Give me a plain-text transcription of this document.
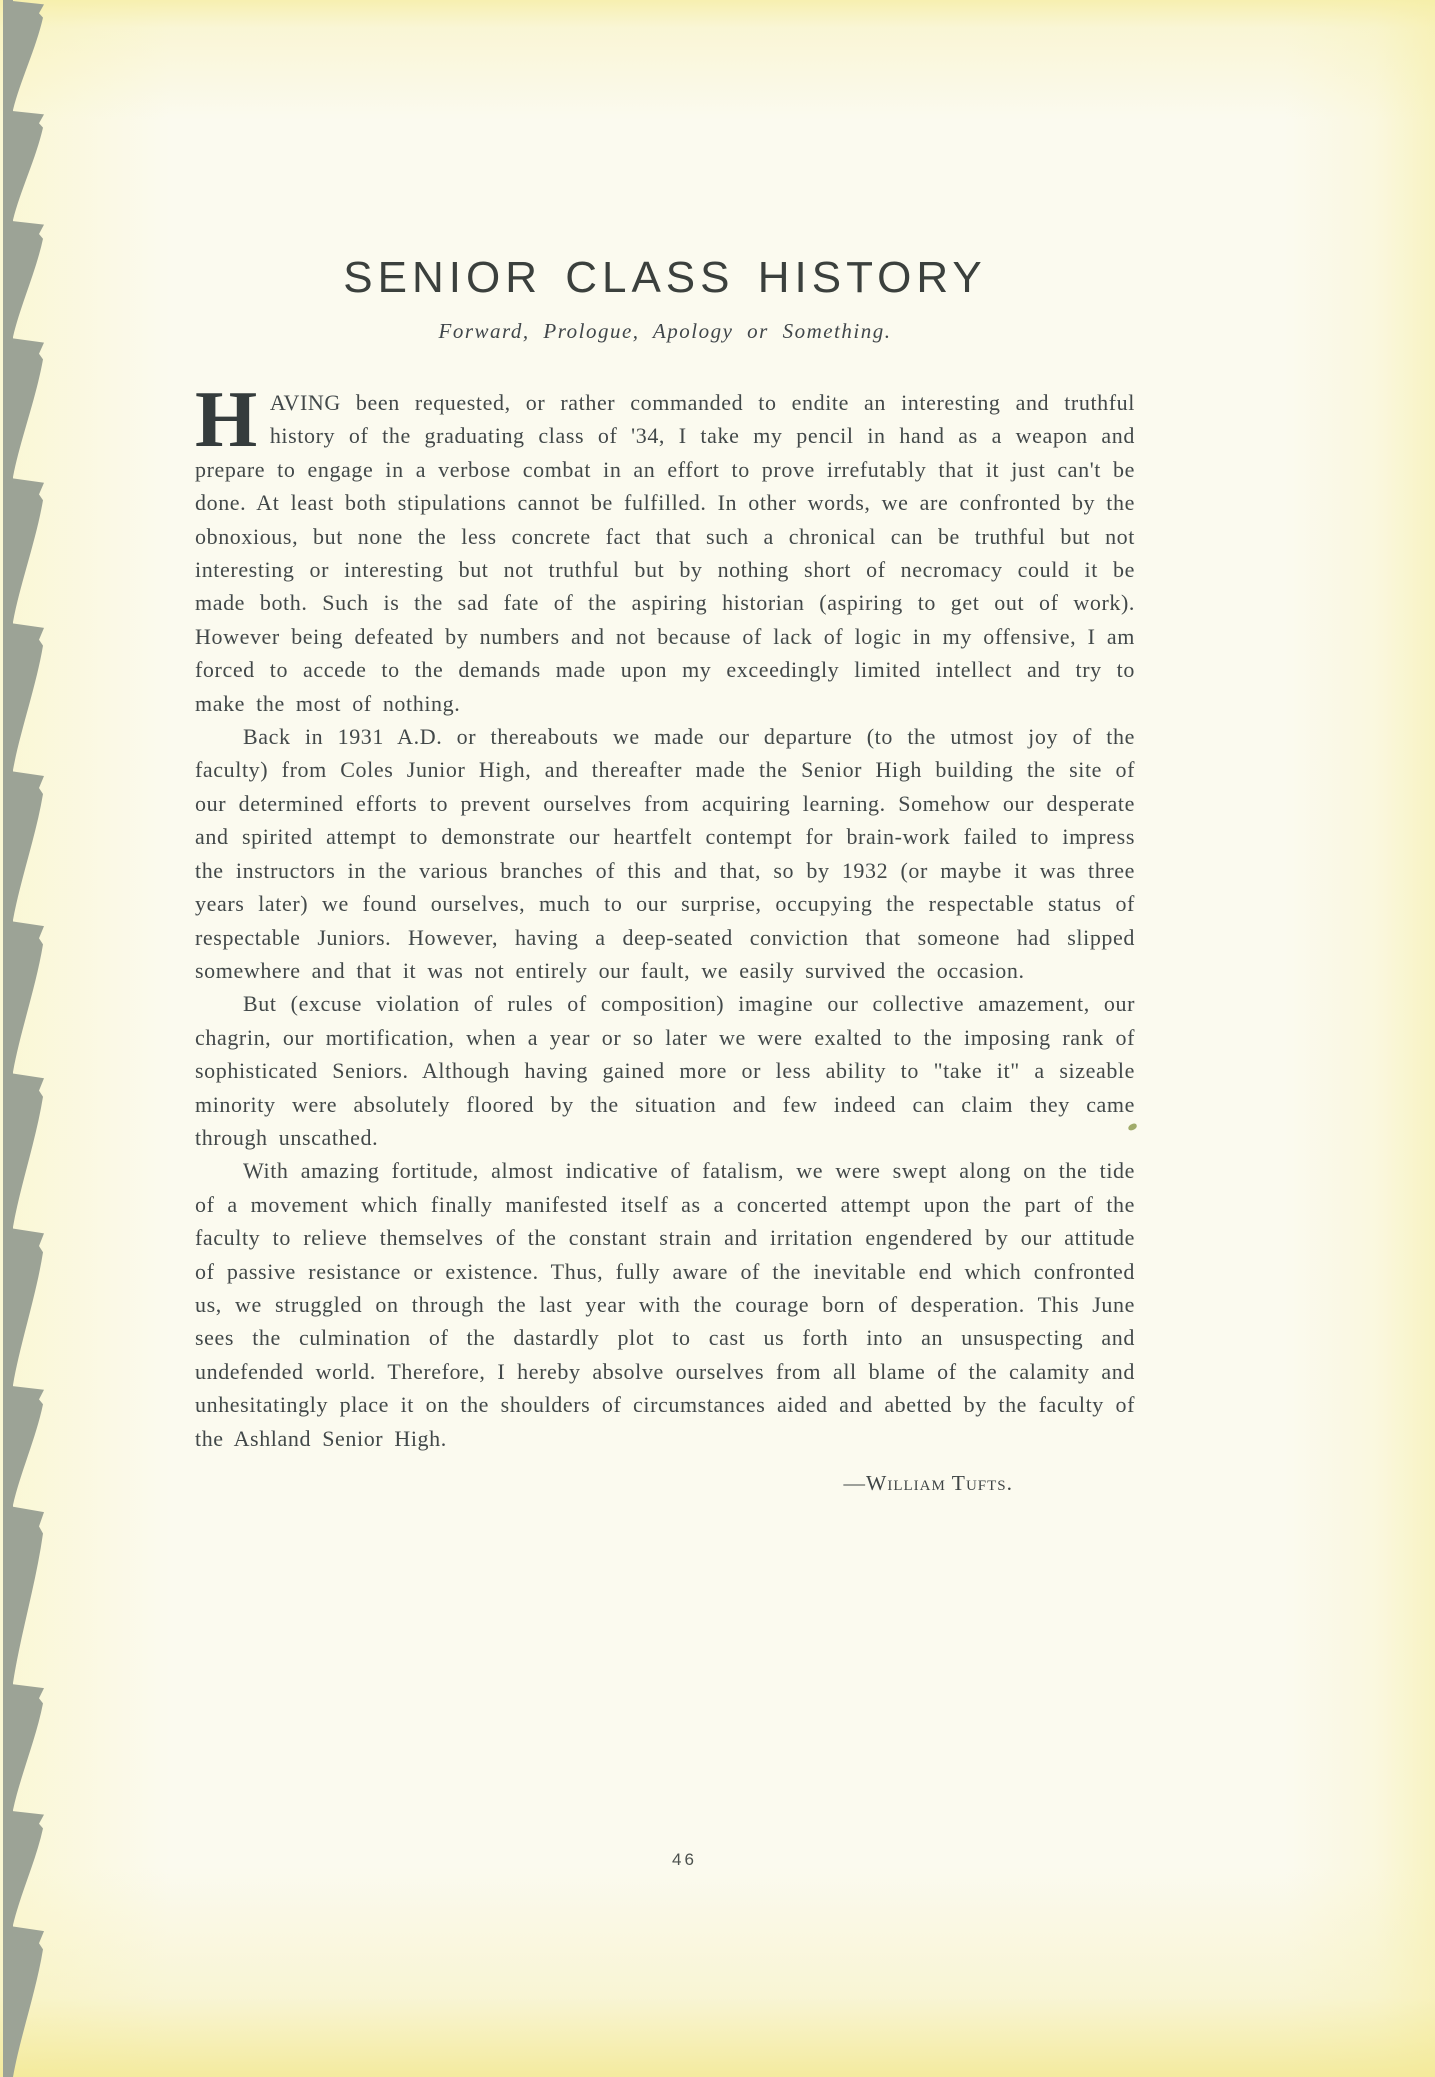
SENIOR CLASS HISTORY
Forward, Prologue, Apology or Something.

HAVING been requested, or rather commanded to endite an interesting and truthful history of the graduating class of '34, I take my pencil in hand as a weapon and prepare to engage in a verbose combat in an effort to prove irrefutably that it just can't be done. At least both stipulations cannot be fulfilled. In other words, we are confronted by the obnoxious, but none the less concrete fact that such a chronical can be truthful but not interesting or interesting but not truthful but by nothing short of necromacy could it be made both. Such is the sad fate of the aspiring historian (aspiring to get out of work). However being defeated by numbers and not because of lack of logic in my offensive, I am forced to accede to the demands made upon my exceedingly limited intellect and try to make the most of nothing.

Back in 1931 A.D. or thereabouts we made our departure (to the utmost joy of the faculty) from Coles Junior High, and thereafter made the Senior High building the site of our determined efforts to prevent ourselves from acquiring learning. Somehow our desperate and spirited attempt to demonstrate our heartfelt contempt for brain-work failed to impress the instructors in the various branches of this and that, so by 1932 (or maybe it was three years later) we found ourselves, much to our surprise, occupying the respectable status of respectable Juniors. However, having a deep-seated conviction that someone had slipped somewhere and that it was not entirely our fault, we easily survived the occasion.

But (excuse violation of rules of composition) imagine our collective amazement, our chagrin, our mortification, when a year or so later we were exalted to the imposing rank of sophisticated Seniors. Although having gained more or less ability to "take it" a sizeable minority were absolutely floored by the situation and few indeed can claim they came through unscathed.

With amazing fortitude, almost indicative of fatalism, we were swept along on the tide of a movement which finally manifested itself as a concerted attempt upon the part of the faculty to relieve themselves of the constant strain and irritation engendered by our attitude of passive resistance or existence. Thus, fully aware of the inevitable end which confronted us, we struggled on through the last year with the courage born of desperation. This June sees the culmination of the dastardly plot to cast us forth into an unsuspecting and undefended world. Therefore, I hereby absolve ourselves from all blame of the calamity and unhesitatingly place it on the shoulders of circumstances aided and abetted by the faculty of the Ashland Senior High.

—William Tufts.
46
